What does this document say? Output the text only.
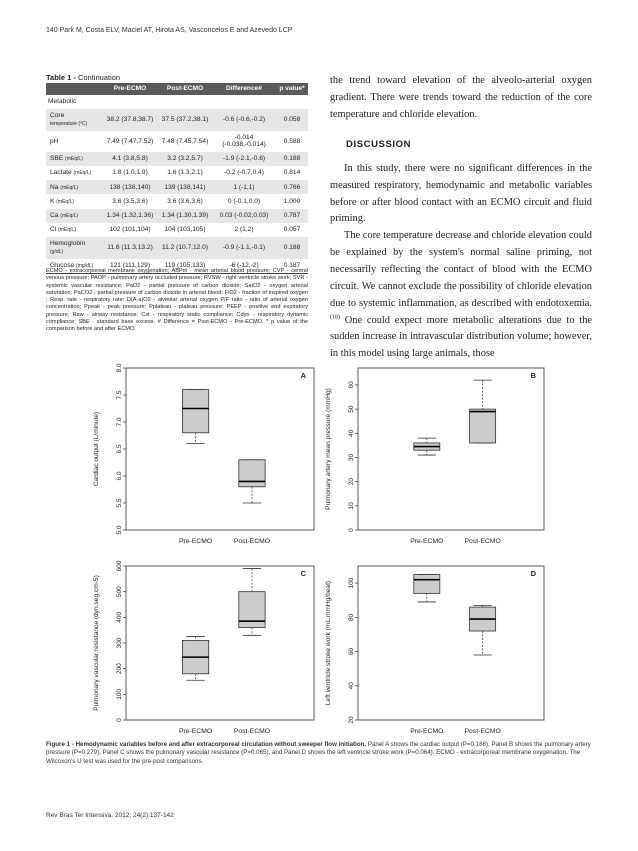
140 Park M, Costa ELV, Maciel AT, Hirota AS, Vasconcelos E and Azevedo LCP
Table 1 - Continuation
	Pre-ECMO	Post-ECMO	Difference#	p value*
Metabolic				
Core
temperature (ºC)	38.2 (37.8,38.7)	37.5 (37.2,38.1)	-0.6 (-0.6,-0.2)	0.058
pH	7.49 (7.47,7.52)	7.48 (7.45,7.54)	-0.014 (-0.038,-0.014)	0.588
SBE (mEq/L)	4.1 (3.8,5.8)	3.2 (3.2,5.7)	-1.9 (-2.1,-0.6)	0.188
Lactate (mEq/L)	1.8 (1.0,1.9)	1.6 (1.3,2.1)	-0.2 (-0.7,0.4)	0.814
Na (mEq/L)	138 (138,140)	139 (138,141)	1 (-1,1)	0.766
K (mEq/L)	3.6 (3.5,3.6)	3.6 (3.6,3.6)	0 (-0.1,0.0)	1.000
Ca (mEq/L)	1.34 (1.32,1.36)	1.34 (1.30,1.39)	0.03 (-0.02,0.03)	0.787
Cl (mEq/L)	102 (101,104)	104 (103,105)	2 (1,2)	0.057
Hemoglobin
(g/dL)	11.6 (11.3,13.2)	11.2 (10.7,12.0)	-0.9 (-1.1,-0.1)	0.188
Glucose (mg/dL)	121 (111,129)	119 (105,133)	-6 (-12,-2)	0.187
ECMO - extracorporeal membrane oxygenation; ABPm - mean arterial blood pressure; CVP - central venous pressure; PAOP - pulmonary artery occluded pressure; RVSW - right ventricle stroke work; SVR - systemic vascular resistance; PaO2 - partial pressure of carbon dioxide; SatO2 - oxygen arterial saturation; PaCO2 - partial pressure of carbon dioxide in arterial blood; FiO2 - fraction of inspired oxygen ; Resp. rate - respiratory rate; D(A-a)O2 - alveolar arterial oxygen P/F ratio - ratio of arterial oxygen concentration; Ppeak - peak pressure; Pplateau - plateau pressure; PEEP - positive end expiratory pressure; Raw - airway resistance; Cst - respiratory static compliance; Cdyn - respiratory dynamic compliance; SBE - standard base excess. # Difference = Post-ECMO - Pre-ECMO. * p value of the comparison before and after ECMO.

the trend toward elevation of the alveolo-arterial oxygen gradient. There were trends toward the reduction of the core temperature and chloride elevation.

DISCUSSION

In this study, there were no significant differences in the measured respiratory, hemodynamic and metabolic variables before or after blood contact with an ECMO circuit and fluid priming.

The core temperature decrease and chloride elevation could be explained by the system's normal saline priming, not necessarily reflecting the contact of blood with the ECMO circuit. We cannot exclude the possibility of chloride elevation due to systemic inflammation, as described with endotoxemia.$^{(18)}$ One could expect more metabolic alterations due to the sudden increase in intravascular distribution volume; however, in this model using large animals, those

A
5.0
5.5
6.0
6.5
7.0
7.5
8.0
Cardiac output (L/minute)
Pre-ECMO	Post-ECMO
B
0
10
20
30
40
50
60
Pulmonary artery mean pressure (mmHg)
Pre-ECMO	Post-ECMO
C
0
100
200
300
400
500
600
Pulmonary vascular resistance (dyn.seg.cm-5)
Pre-ECMO	Post-ECMO
D
20
40
60
80
100
Left ventricle stroke work (mL.mmHg/beat)
Pre-ECMO	Post-ECMO
Figure 1 - Hemodynamic variables before and after extracorporeal circulation without sweeper flow initiation. Panel A shows the cardiac output (P=0.188), Panel B shows the pulmonary artery pressure (P=0.279), Panel C shows the pulmonary vascular resistance (P=0.065), and Panel D shows the left ventricle stroke work (P=0.064). ECMO - extracorporeal membrane oxygenation. The Wilcoxon's U test was used for the pre-post comparisons.
Rev Bras Ter Intensiva. 2012; 24(2):137-142
